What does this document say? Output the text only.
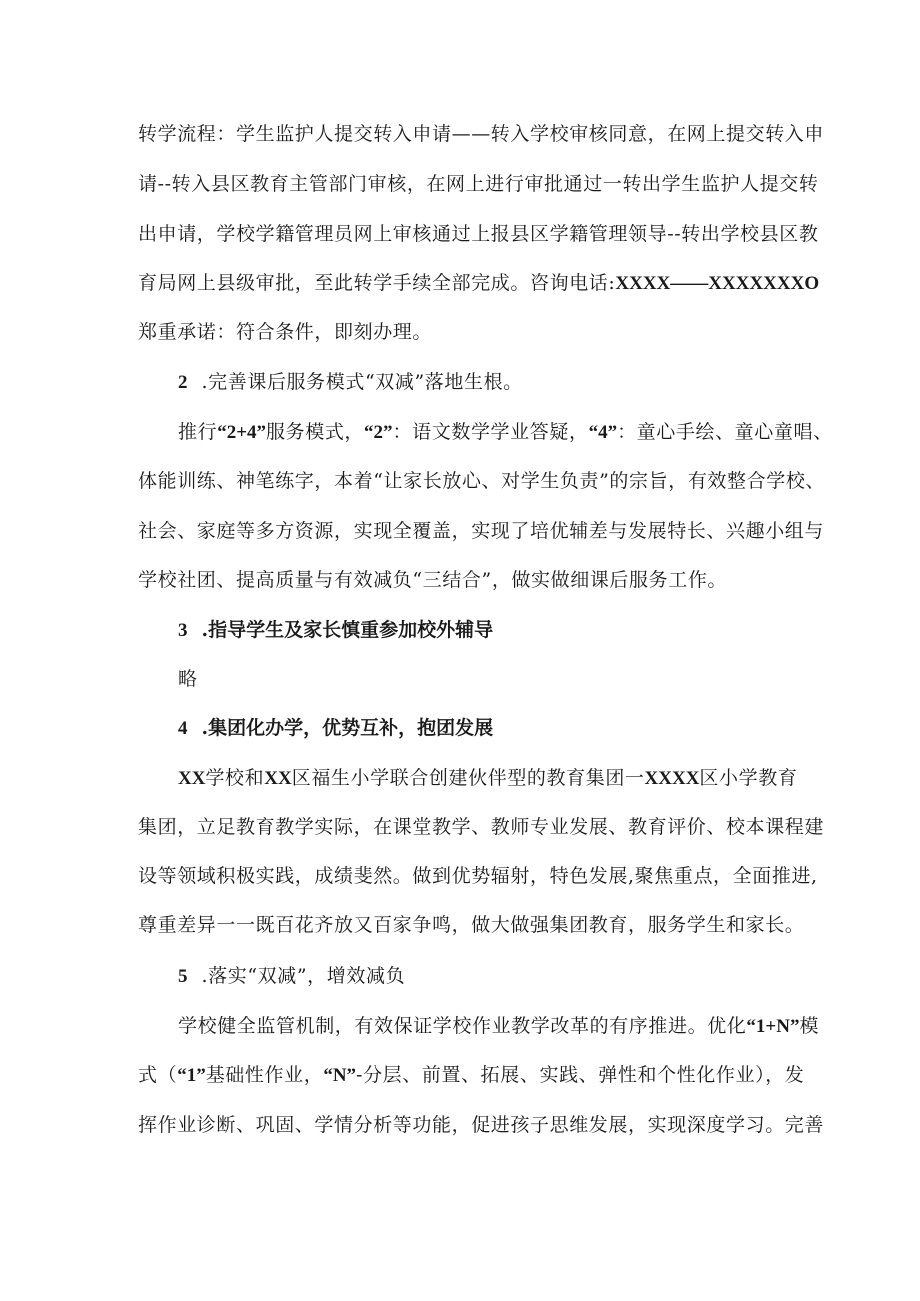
转学流程：学生监护人提交转入申请——转入学校审核同意，在网上提交转入申
请--转入县区教育主管部门审核，在网上进行审批通过一转出学生监护人提交转
出申请，学校学籍管理员网上审核通过上报县区学籍管理领导--转出学校县区教
育局网上县级审批，至此转学手续全部完成。咨询电话:XXXX——XXXXXXXO
郑重承诺：符合条件，即刻办理。
2 .完善课后服务模式“双减”落地生根。
推行“2+4”服务模式，“2”：语文数学学业答疑，“4”：童心手绘、童心童唱、
体能训练、神笔练字，本着“让家长放心、对学生负责”的宗旨，有效整合学校、
社会、家庭等多方资源，实现全覆盖，实现了培优辅差与发展特长、兴趣小组与
学校社团、提高质量与有效减负“三结合”，做实做细课后服务工作。
3 .指导学生及家长慎重参加校外辅导
略
4 .集团化办学，优势互补，抱团发展
XX学校和XX区福生小学联合创建伙伴型的教育集团一XXXX区小学教育
集团，立足教育教学实际，在课堂教学、教师专业发展、教育评价、校本课程建
设等领域积极实践，成绩斐然。做到优势辐射，特色发展,聚焦重点，全面推进,
尊重差异一一既百花齐放又百家争鸣，做大做强集团教育，服务学生和家长。
5 .落实“双减”，增效减负
学校健全监管机制，有效保证学校作业教学改革的有序推进。优化“1+N”模
式（“1”基础性作业，“N”-分层、前置、拓展、实践、弹性和个性化作业），发
挥作业诊断、巩固、学情分析等功能，促进孩子思维发展，实现深度学习。完善
